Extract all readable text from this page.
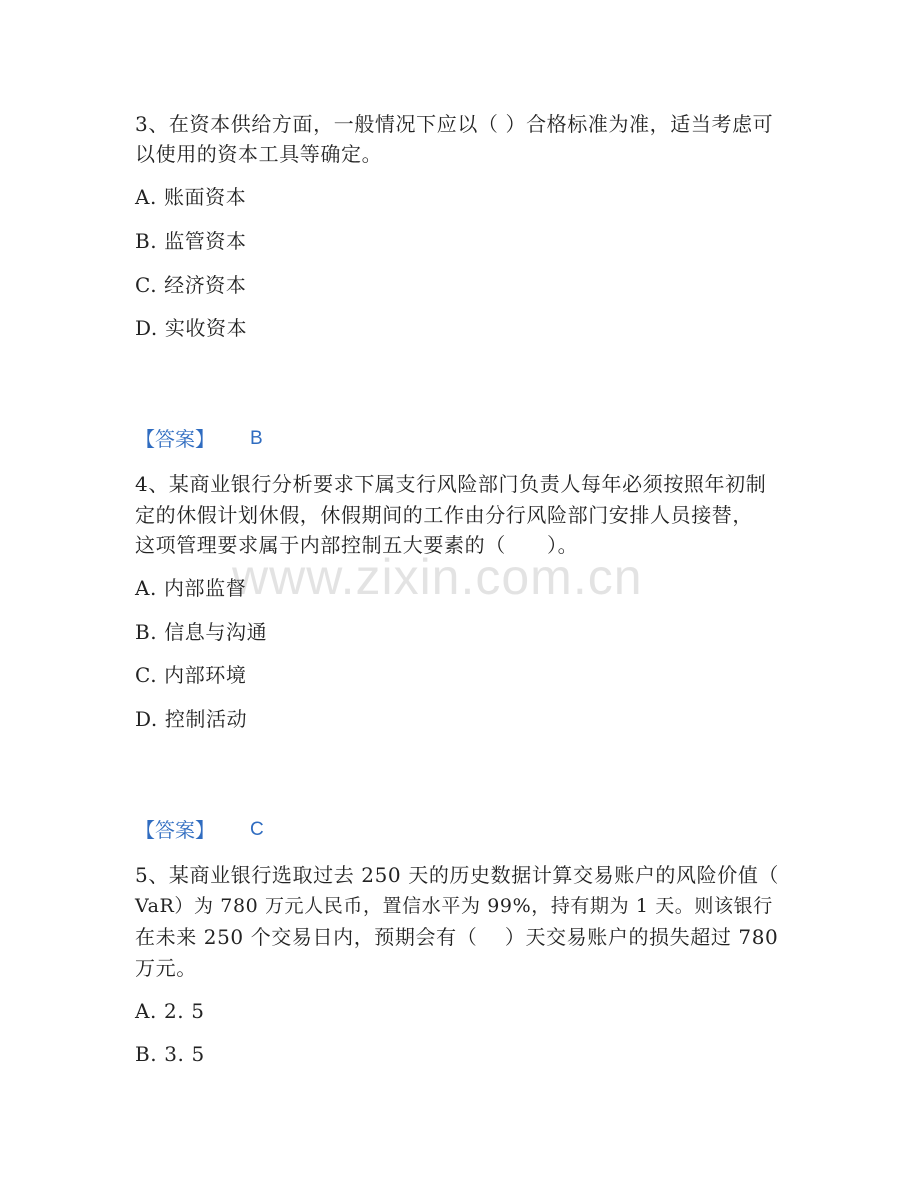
www.zixin.com.cn
3、在资本供给方面，一般情况下应以（ ）合格标准为准，适当考虑可
以使用的资本工具等确定。
A. 账面资本
B. 监管资本
C. 经济资本
D. 实收资本
【答案】 B
4、某商业银行分析要求下属支行风险部门负责人每年必须按照年初制
定的休假计划休假，休假期间的工作由分行风险部门安排人员接替，
这项管理要求属于内部控制五大要素的（　　）。
A. 内部监督
B. 信息与沟通
C. 内部环境
D. 控制活动
【答案】 C
5、某商业银行选取过去 250 天的历史数据计算交易账户的风险价值（
VaR）为 780 万元人民币，置信水平为 99%，持有期为 1 天。则该银行
在未来 250 个交易日内，预期会有（　 ）天交易账户的损失超过 780
万元。
A. 2. 5
B. 3. 5
